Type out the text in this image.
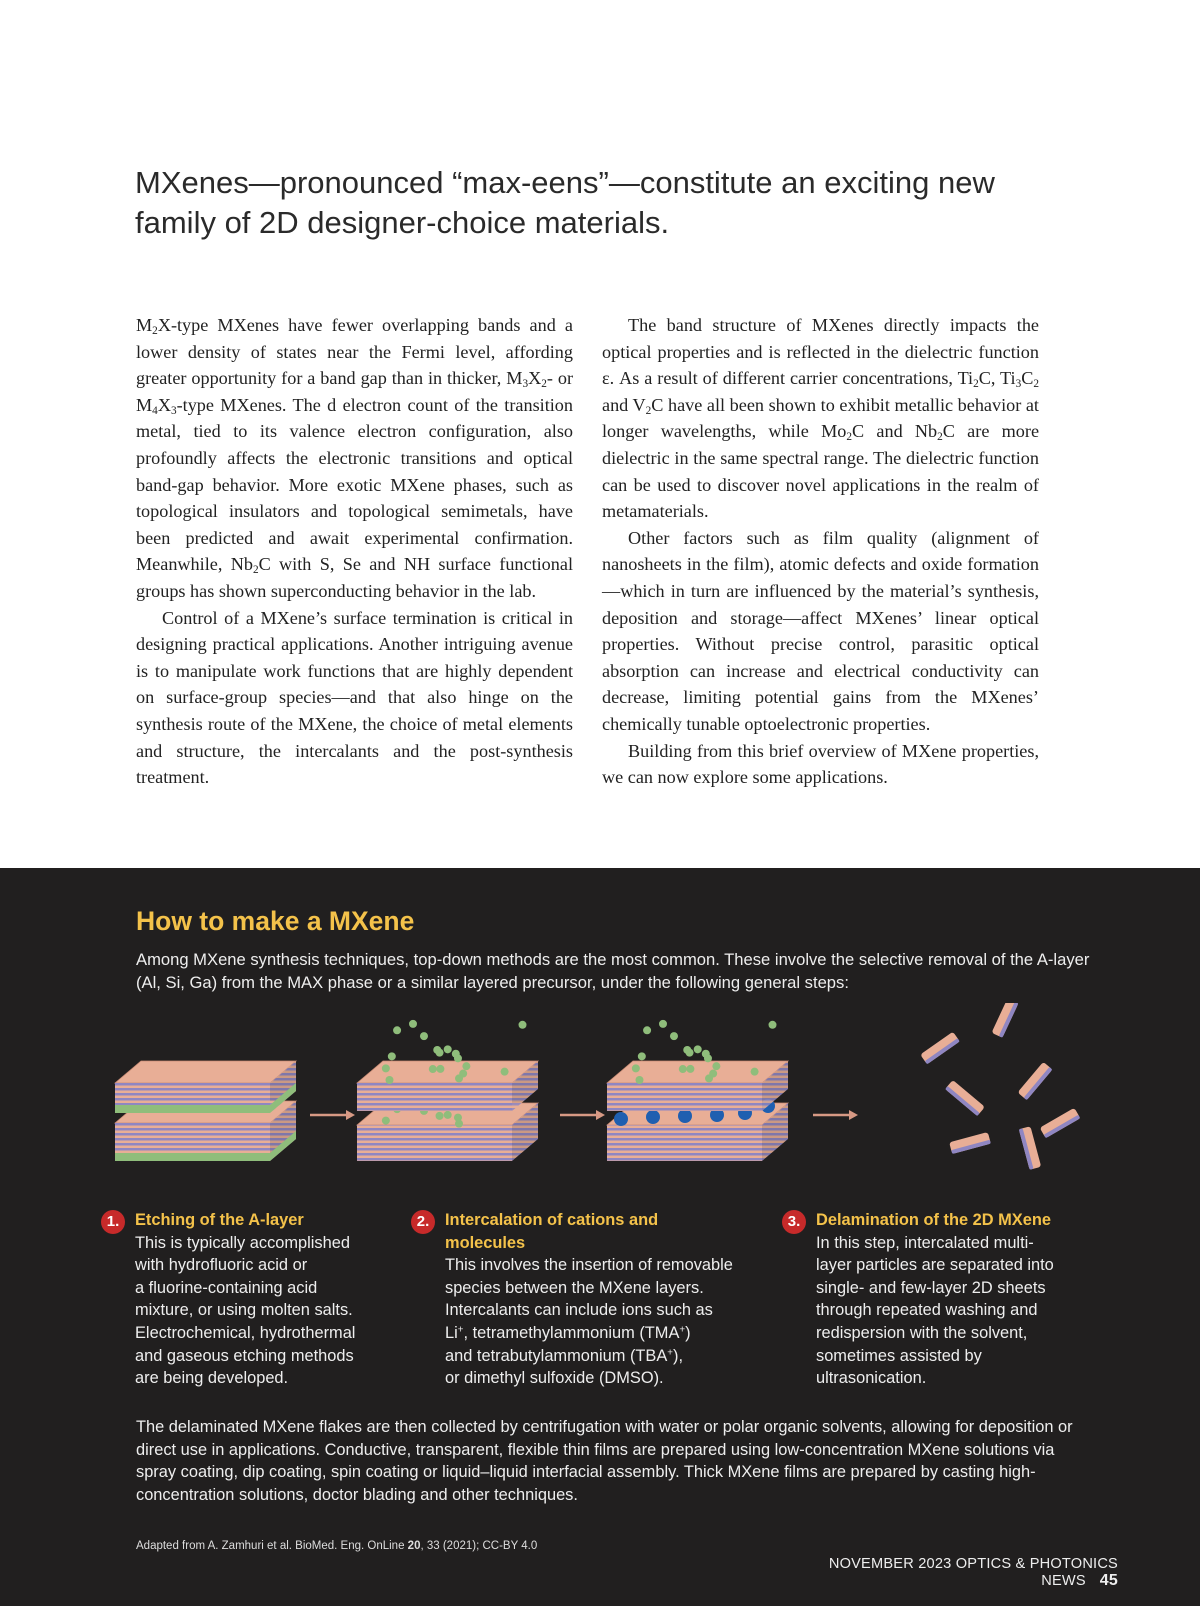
MXenes—pronounced “max-eens”—constitute an exciting new family of 2D designer-choice materials.

$M_2X$-type MXenes have fewer overlapping bands and a lower density of states near the Fermi level, affording greater opportunity for a band gap than in thicker, $M_3X_2-$ or $M_4X_3$-type MXenes. The d electron count of the transition metal, tied to its valence electron configuration, also profoundly affects the electronic transitions and optical band-gap behavior. More exotic MXene phases, such as topological insulators and topological semimetals, have been predicted and await experimental confirmation. Meanwhile, $Nb_2C$ with S, Se and NH surface functional groups has shown superconducting behavior in the lab.

Control of a MXene’s surface termination is critical in designing practical applications. Another intriguing avenue is to manipulate work functions that are highly dependent on surface-group species—and that also hinge on the synthesis route of the MXene, the choice of metal elements and structure, the intercalants and the post-synthesis treatment.

The band structure of MXenes directly impacts the optical properties and is reflected in the dielectric function ε. As a result of different carrier concentrations, $Ti_2C$, $Ti_3C_2$ and $V_2C$ have all been shown to exhibit metallic behavior at longer wavelengths, while $Mo_2C$ and $Nb_2C$ are more dielectric in the same spectral range. The dielectric function can be used to discover novel applications in the realm of metamaterials.

Other factors such as film quality (alignment of nanosheets in the film), atomic defects and oxide formation—which in turn are influenced by the material’s synthesis, deposition and storage—affect MXenes’ linear optical properties. Without precise control, parasitic optical absorption can increase and electrical conductivity can decrease, limiting potential gains from the MXenes’ chemically tunable optoelectronic properties.

Building from this brief overview of MXene properties, we can now explore some applications.

How to make a MXene

Among MXene synthesis techniques, top-down methods are the most common. These involve the selective removal of the A-layer (Al, Si, Ga) from the MAX phase or a similar layered precursor, under the following general steps:

1. Etching of the A-layer

This is typically accomplished
with hydrofluoric acid or
a fluorine-containing acid
mixture, or using molten salts.
Electrochemical, hydrothermal
and gaseous etching methods
are being developed.

2. Intercalation of cations and molecules

This involves the insertion of removable
species between the MXene layers.
Intercalants can include ions such as
Li+, tetramethylammonium (TMA+)
and tetrabutylammonium (TBA+),
or dimethyl sulfoxide (DMSO).

3. Delamination of the 2D MXene

In this step, intercalated multi-
layer particles are separated into
single- and few-layer 2D sheets
through repeated washing and
redispersion with the solvent,
sometimes assisted by
ultrasonication.

The delaminated MXene flakes are then collected by centrifugation with water or polar organic solvents, allowing for deposition or direct use in applications. Conductive, transparent, flexible thin films are prepared using low-concentration MXene solutions via spray coating, dip coating, spin coating or liquid–liquid interfacial assembly. Thick MXene films are prepared by casting high-concentration solutions, doctor blading and other techniques.

Adapted from A. Zamhuri et al. BioMed. Eng. OnLine 20, 33 (2021); CC-BY 4.0

NOVEMBER 2023 OPTICS & PHOTONICS NEWS 45
